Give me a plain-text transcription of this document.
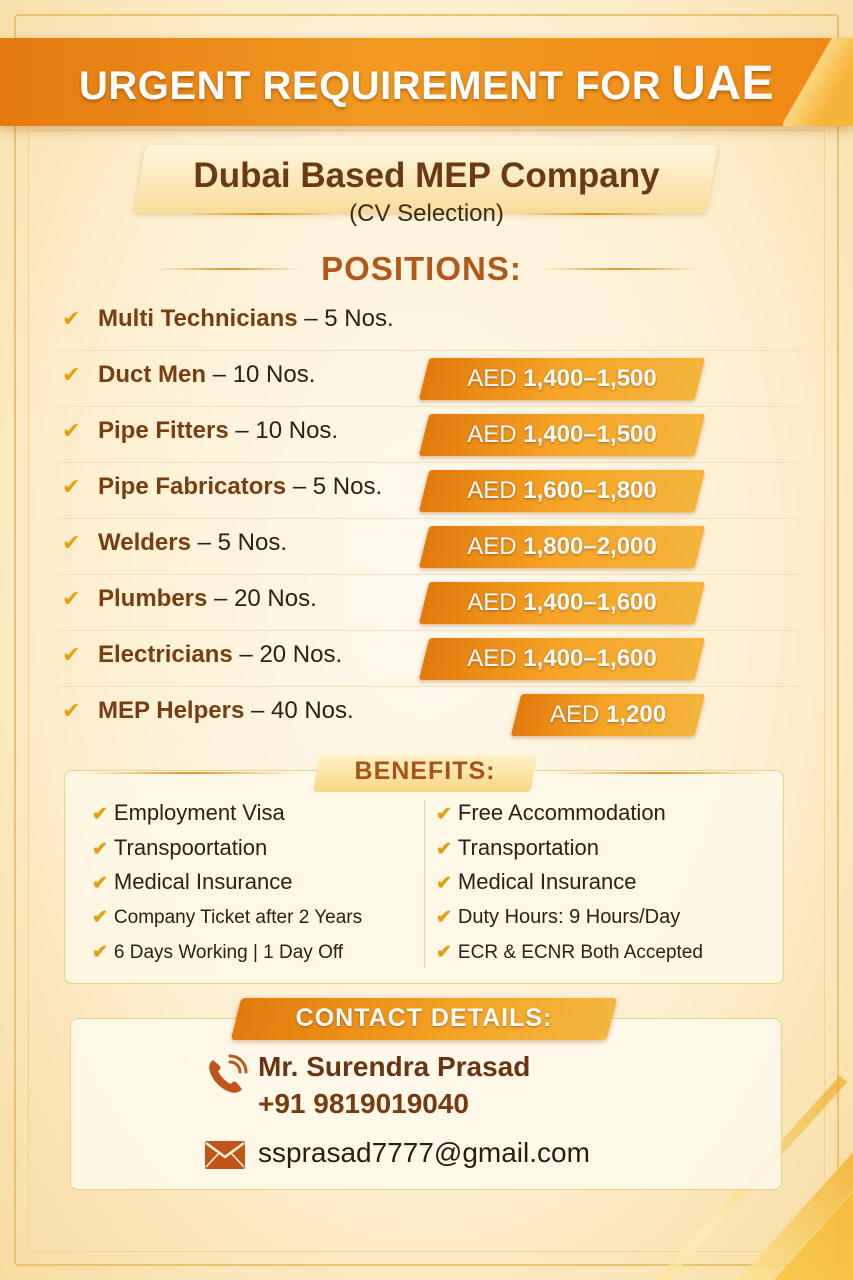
URGENT REQUIREMENT FOR UAE
Dubai Based MEP Company
(CV Selection)
POSITIONS:
✔ Multi Technicians – 5 Nos.
✔ Duct Men – 10 Nos.	AED 1,400–1,500
✔ Pipe Fitters – 10 Nos.	AED 1,400–1,500
✔ Pipe Fabricators – 5 Nos.	AED 1,600–1,800
✔ Welders – 5 Nos.	AED 1,800–2,000
✔ Plumbers – 20 Nos.	AED 1,400–1,600
✔ Electricians – 20 Nos.	AED 1,400–1,600
✔ MEP Helpers – 40 Nos.	AED 1,200
BENEFITS:
✔ Employment Visa
✔ Transpoortation
✔ Medical Insurance
✔ Company Ticket after 2 Years
✔ 6 Days Working | 1 Day Off
✔ Free Accommodation
✔ Transportation
✔ Medical Insurance
✔ Duty Hours: 9 Hours/Day
✔ ECR & ECNR Both Accepted
CONTACT DETAILS:
Mr. Surendra Prasad
+91 9819019040
ssprasad7777@gmail.com
